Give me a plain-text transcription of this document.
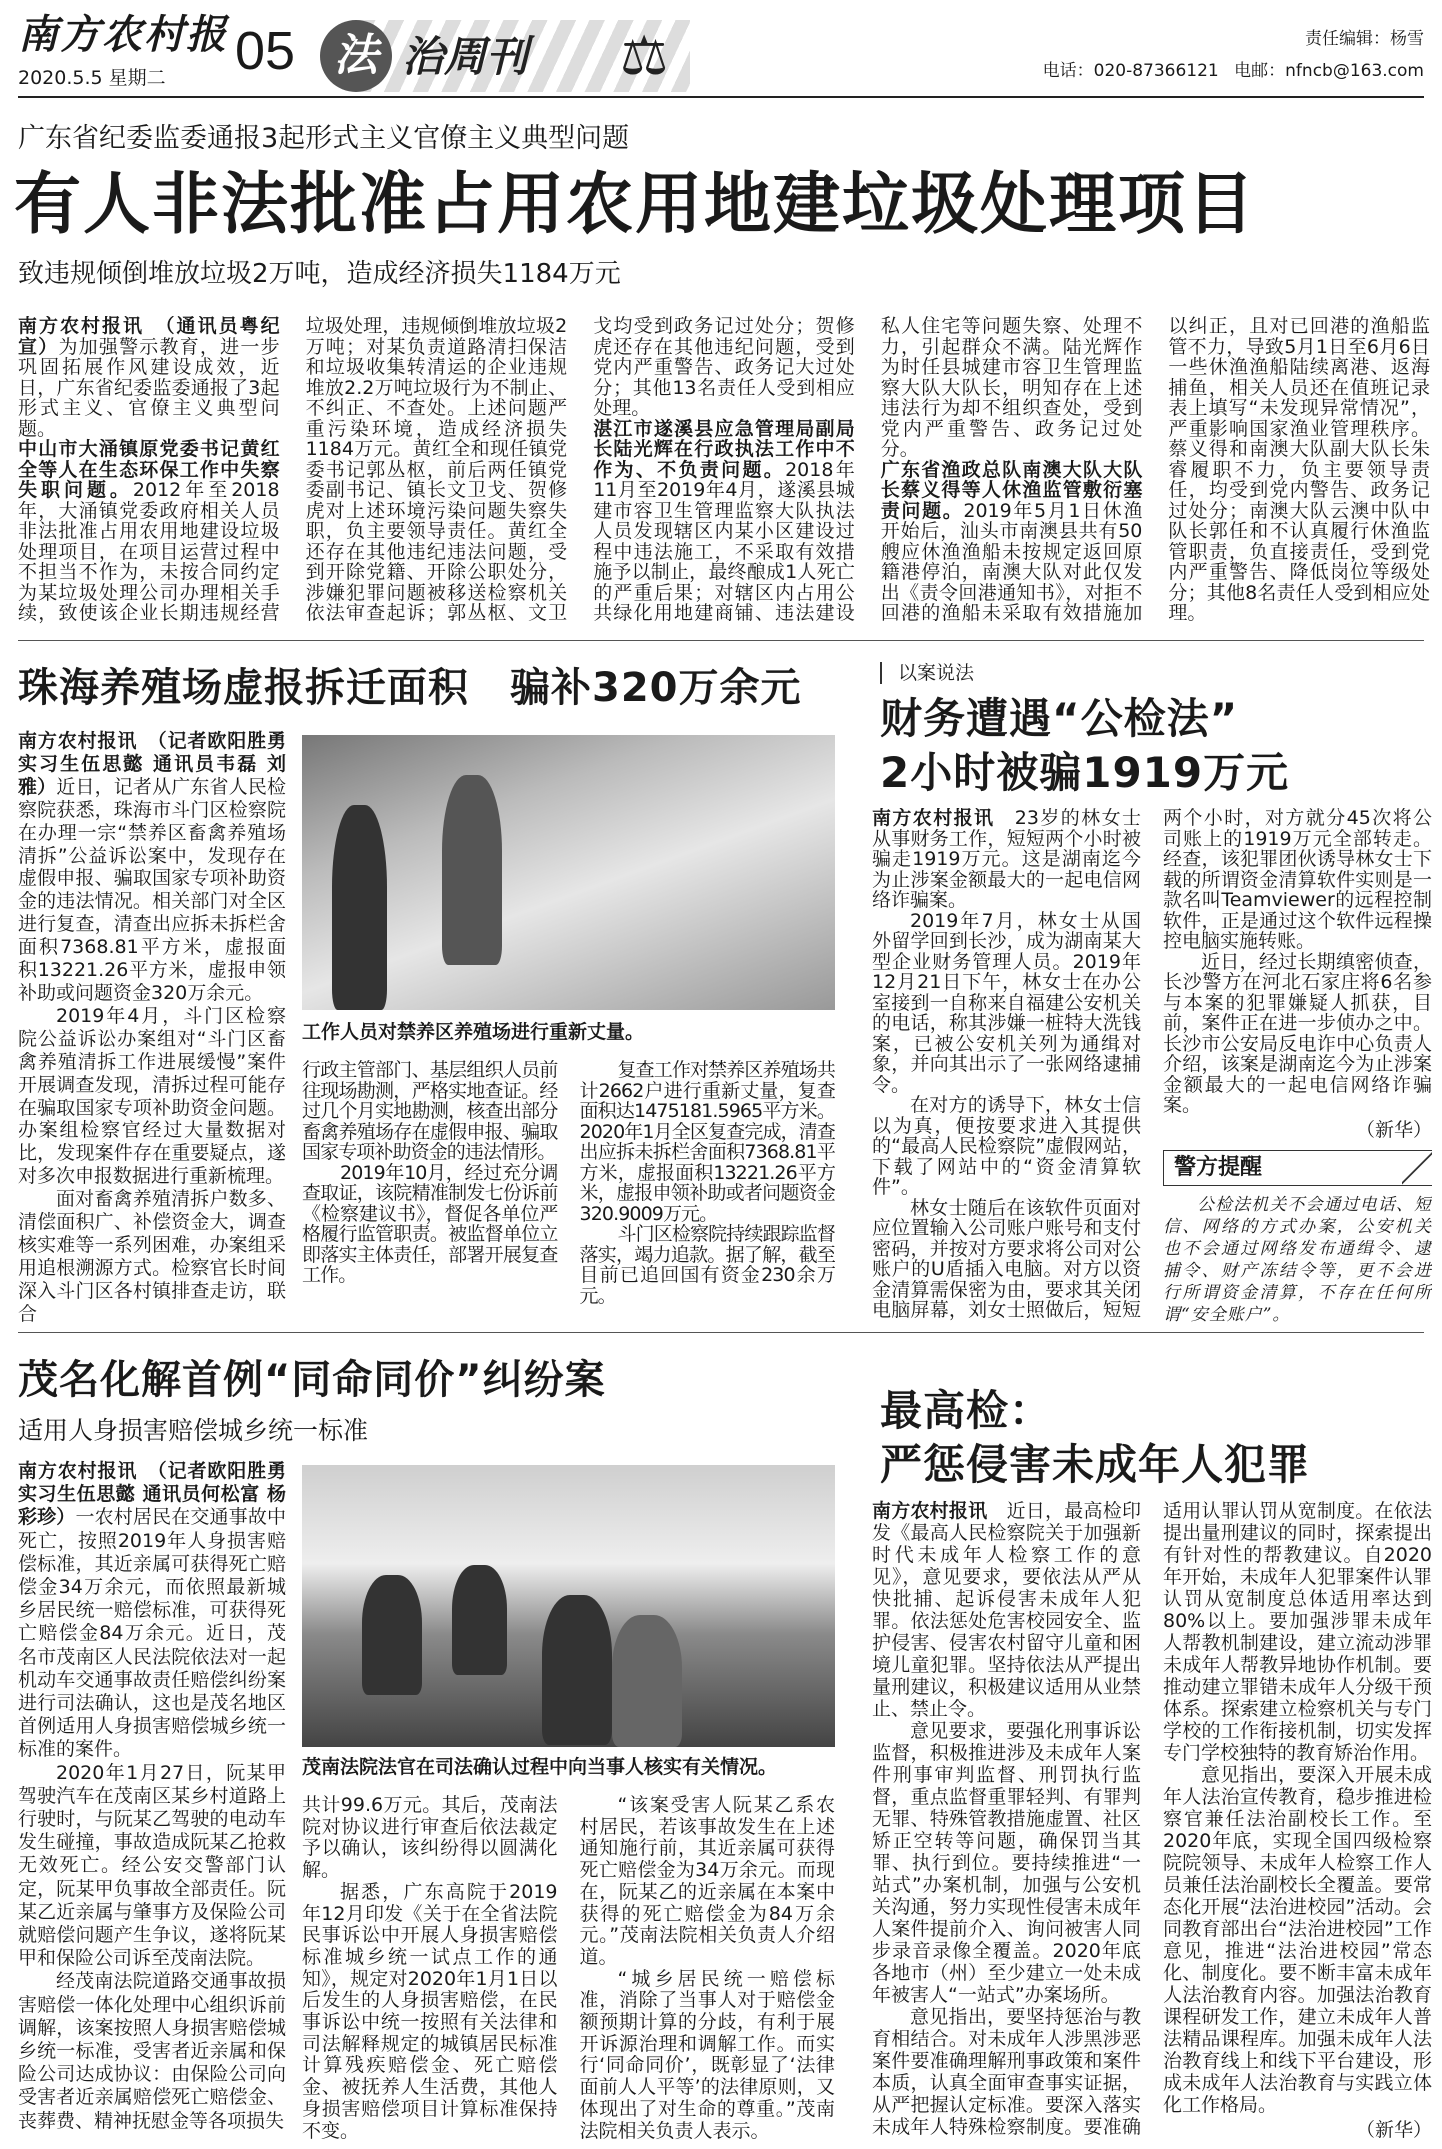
南方农村报
2020.5.5 星期二 05 法 治周刊 ⚖	责任编辑：杨雪
电话：020-87366121 电邮：nfncb@163.com
广东省纪委监委通报3起形式主义官僚主义典型问题
有人非法批准占用农用地建垃圾处理项目
致违规倾倒堆放垃圾2万吨，造成经济损失1184万元

南方农村报讯　（通讯员粤纪宣）为加强警示教育，进一步巩固拓展作风建设成效，近日，广东省纪委监委通报了3起形式主义、官僚主义典型问题。

中山市大涌镇原党委书记黄红全等人在生态环保工作中失察失职问题。2012年至2018年，大涌镇党委政府相关人员非法批准占用农用地建设垃圾处理项目，在项目运营过程中不担当不作为，未按合同约定为某垃圾处理公司办理相关手续，致使该企业长期违规经营垃圾处理，违规倾倒堆放垃圾2万吨；对某负责道路清扫保洁和垃圾收集转清运的企业违规堆放2.2万吨垃圾行为不制止、不纠正、不查处。上述问题严重污染环境，造成经济损失1184万元。黄红全和现任镇党委书记郭丛枢，前后两任镇党委副书记、镇长文卫戈、贺修虎对上述环境污染问题失察失职，负主要领导责任。黄红全还存在其他违纪违法问题，受到开除党籍、开除公职处分，涉嫌犯罪问题被移送检察机关依法审查起诉；郭丛枢、文卫戈均受到政务记过处分；贺修虎还存在其他违纪问题，受到党内严重警告、政务记大过处分；其他13名责任人受到相应处理。

湛江市遂溪县应急管理局副局长陆光辉在行政执法工作中不作为、不负责问题。2018年11月至2019年4月，遂溪县城建市容卫生管理监察大队执法人员发现辖区内某小区建设过程中违法施工，不采取有效措施予以制止，最终酿成1人死亡的严重后果；对辖区内占用公共绿化用地建商铺、违法建设私人住宅等问题失察、处理不力，引起群众不满。陆光辉作为时任县城建市容卫生管理监察大队大队长，明知存在上述违法行为却不组织查处，受到党内严重警告、政务记过处分。

广东省渔政总队南澳大队大队长蔡义得等人休渔监管敷衍塞责问题。2019年5月1日休渔开始后，汕头市南澳县共有50艘应休渔渔船未按规定返回原籍港停泊，南澳大队对此仅发出《责令回港通知书》，对拒不回港的渔船未采取有效措施加以纠正，且对已回港的渔船监管不力，导致5月1日至6月6日一些休渔渔船陆续离港、返海捕鱼，相关人员还在值班记录表上填写“未发现异常情况”，严重影响国家渔业管理秩序。蔡义得和南澳大队副大队长朱睿履职不力，负主要领导责任，均受到党内警告、政务记过处分；南澳大队云澳中队中队长郭任和不认真履行休渔监管职责，负直接责任，受到党内严重警告、降低岗位等级处分；其他8名责任人受到相应处理。

珠海养殖场虚报拆迁面积　骗补320万余元

南方农村报讯　（记者欧阳胜勇 实习生伍思懿 通讯员韦磊 刘雅）近日，记者从广东省人民检察院获悉，珠海市斗门区检察院在办理一宗“禁养区畜禽养殖场清拆”公益诉讼案中，发现存在虚假申报、骗取国家专项补助资金的违法情况。相关部门对全区进行复查，清查出应拆未拆栏舍面积7368.81平方米，虚报面积13221.26平方米，虚报申领补助或问题资金320万余元。

2019年4月，斗门区检察院公益诉讼办案组对“斗门区畜禽养殖清拆工作进展缓慢”案件开展调查发现，清拆过程可能存在骗取国家专项补助资金问题。办案组检察官经过大量数据对比，发现案件存在重要疑点，遂对多次申报数据进行重新梳理。

面对畜禽养殖清拆户数多、清偿面积广、补偿资金大，调查核实难等一系列困难，办案组采用追根溯源方式。检察官长时间深入斗门区各村镇排查走访，联合

工作人员对禁养区养殖场进行重新丈量。

行政主管部门、基层组织人员前往现场勘测，严格实地查证。经过几个月实地勘测，核查出部分畜禽养殖场存在虚假申报、骗取国家专项补助资金的违法情形。

2019年10月，经过充分调查取证，该院精准制发七份诉前《检察建议书》，督促各单位严格履行监管职责。被监督单位立即落实主体责任，部署开展复查工作。

复查工作对禁养区养殖场共计2662户进行重新丈量，复查面积达1475181.5965平方米。2020年1月全区复查完成，清查出应拆未拆栏舍面积7368.81平方米，虚报面积13221.26平方米，虚报申领补助或者问题资金320.9009万元。

斗门区检察院持续跟踪监督落实，竭力追款。据了解，截至目前已追回国有资金230余万元。

以案说法
财务遭遇“公检法”
2小时被骗1919万元

南方农村报讯　23岁的林女士从事财务工作，短短两个小时被骗走1919万元。这是湖南迄今为止涉案金额最大的一起电信网络诈骗案。

2019年7月，林女士从国外留学回到长沙，成为湖南某大型企业财务管理人员。2019年12月21日下午，林女士在办公室接到一自称来自福建公安机关的电话，称其涉嫌一桩特大洗钱案，已被公安机关列为通缉对象，并向其出示了一张网络逮捕令。

在对方的诱导下，林女士信以为真，便按要求进入其提供的“最高人民检察院”虚假网站，下载了网站中的“资金清算软件”。

林女士随后在该软件页面对应位置输入公司账户账号和支付密码，并按对方要求将公司对公账户的U盾插入电脑。对方以资金清算需保密为由，要求其关闭电脑屏幕，刘女士照做后，短短两个小时，对方就分45次将公司账上的1919万元全部转走。经查，该犯罪团伙诱导林女士下载的所谓资金清算软件实则是一款名叫Teamviewer的远程控制软件，正是通过这个软件远程操控电脑实施转账。

近日，经过长期缜密侦查，长沙警方在河北石家庄将6名参与本案的犯罪嫌疑人抓获，目前，案件正在进一步侦办之中。长沙市公安局反电诈中心负责人介绍，该案是湖南迄今为止涉案金额最大的一起电信网络诈骗案。

（新华）
警方提醒

公检法机关不会通过电话、短信、网络的方式办案，公安机关也不会通过网络发布通缉令、逮捕令、财产冻结令等，更不会进行所谓资金清算，不存在任何所谓“安全账户”。

茂名化解首例“同命同价”纠纷案
适用人身损害赔偿城乡统一标准

南方农村报讯　（记者欧阳胜勇 实习生伍思懿 通讯员何松富 杨彩珍）一农村居民在交通事故中死亡，按照2019年人身损害赔偿标准，其近亲属可获得死亡赔偿金34万余元，而依照最新城乡居民统一赔偿标准，可获得死亡赔偿金84万余元。近日，茂名市茂南区人民法院依法对一起机动车交通事故责任赔偿纠纷案进行司法确认，这也是茂名地区首例适用人身损害赔偿城乡统一标准的案件。

2020年1月27日，阮某甲驾驶汽车在茂南区某乡村道路上行驶时，与阮某乙驾驶的电动车发生碰撞，事故造成阮某乙抢救无效死亡。经公安交警部门认定，阮某甲负事故全部责任。阮某乙近亲属与肇事方及保险公司就赔偿问题产生争议，遂将阮某甲和保险公司诉至茂南法院。

经茂南法院道路交通事故损害赔偿一体化处理中心组织诉前调解，该案按照人身损害赔偿城乡统一标准，受害者近亲属和保险公司达成协议：由保险公司向受害者近亲属赔偿死亡赔偿金、丧葬费、精神抚慰金等各项损失

茂南法院法官在司法确认过程中向当事人核实有关情况。

共计99.6万元。其后，茂南法院对协议进行审查后依法裁定予以确认，该纠纷得以圆满化解。

据悉，广东高院于2019年12月印发《关于在全省法院民事诉讼中开展人身损害赔偿标准城乡统一试点工作的通知》，规定对2020年1月1日以后发生的人身损害赔偿，在民事诉讼中统一按照有关法律和司法解释规定的城镇居民标准计算残疾赔偿金、死亡赔偿金、被抚养人生活费，其他人身损害赔偿项目计算标准保持不变。

“该案受害人阮某乙系农村居民，若该事故发生在上述通知施行前，其近亲属可获得死亡赔偿金为34万余元。而现在，阮某乙的近亲属在本案中获得的死亡赔偿金为84万余元。”茂南法院相关负责人介绍道。

“城乡居民统一赔偿标准，消除了当事人对于赔偿金额预期计算的分歧，有利于展开诉源治理和调解工作。而实行‘同命同价’，既彰显了‘法律面前人人平等’的法律原则，又体现出了对生命的尊重。”茂南法院相关负责人表示。

最高检：
严惩侵害未成年人犯罪

南方农村报讯　近日，最高检印发《最高人民检察院关于加强新时代未成年人检察工作的意见》，意见要求，要依法从严从快批捕、起诉侵害未成年人犯罪。依法惩处危害校园安全、监护侵害、侵害农村留守儿童和困境儿童犯罪。坚持依法从严提出量刑建议，积极建议适用从业禁止、禁止令。

意见要求，要强化刑事诉讼监督，积极推进涉及未成年人案件刑事审判监督、刑罚执行监督，重点监督重罪轻判、有罪判无罪、特殊管教措施虚置、社区矫正空转等问题，确保罚当其罪、执行到位。要持续推进“一站式”办案机制，加强与公安机关沟通，努力实现性侵害未成年人案件提前介入、询问被害人同步录音录像全覆盖。2020年底各地市（州）至少建立一处未成年被害人“一站式”办案场所。

意见指出，要坚持惩治与教育相结合。对未成年人涉黑涉恶案件要准确理解刑事政策和案件本质，认真全面审查事实证据，从严把握认定标准。要深入落实未成年人特殊检察制度。要准确适用认罪认罚从宽制度。在依法提出量刑建议的同时，探索提出有针对性的帮教建议。自2020年开始，未成年人犯罪案件认罪认罚从宽制度总体适用率达到80%以上。要加强涉罪未成年人帮教机制建设，建立流动涉罪未成年人帮教异地协作机制。要推动建立罪错未成年人分级干预体系。探索建立检察机关与专门学校的工作衔接机制，切实发挥专门学校独特的教育矫治作用。

意见指出，要深入开展未成年人法治宣传教育，稳步推进检察官兼任法治副校长工作。至2020年底，实现全国四级检察院院领导、未成年人检察工作人员兼任法治副校长全覆盖。要常态化开展“法治进校园”活动。会同教育部出台“法治进校园”工作意见，推进“法治进校园”常态化、制度化。要不断丰富未成年人法治教育内容。加强法治教育课程研发工作，建立未成年人普法精品课程库。加强未成年人法治教育线上和线下平台建设，形成未成年人法治教育与实践立体化工作格局。

（新华）
